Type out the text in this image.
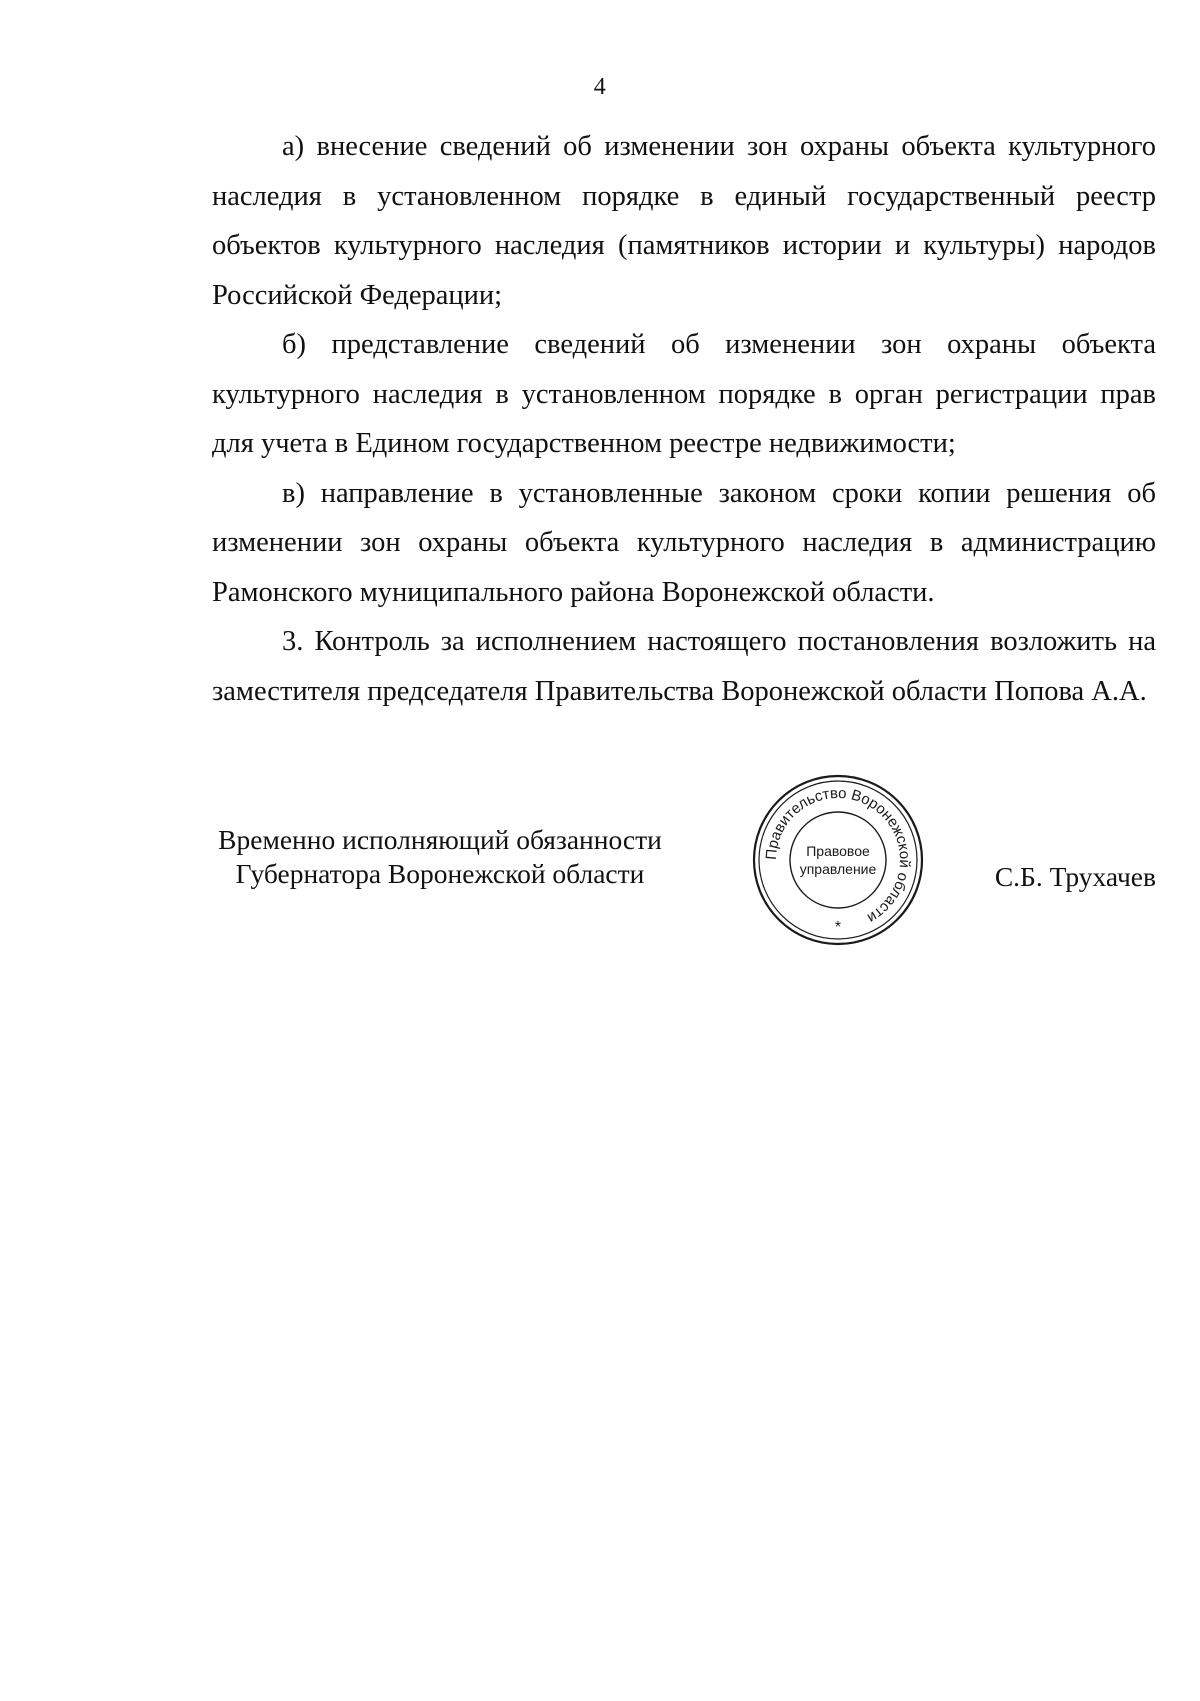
4

а) внесение сведений об изменении зон охраны объекта культурного наследия в установленном порядке в единый государственный реестр объектов культурного наследия (памятников истории и культуры) народов Российской Федерации;

б) представление сведений об изменении зон охраны объекта культурного наследия в установленном порядке в орган регистрации прав для учета в Едином государственном реестре недвижимости;

в) направление в установленные законом сроки копии решения об изменении зон охраны объекта культурного наследия в администрацию Рамонского муниципального района Воронежской области.

3. Контроль за исполнением настоящего постановления возложить на заместителя председателя Правительства Воронежской области Попова А.А.

Временно исполняющий обязанности
Губернатора Воронежской области
Правительство Воронежской области
Правовое
управление
*
С.Б. Трухачев
